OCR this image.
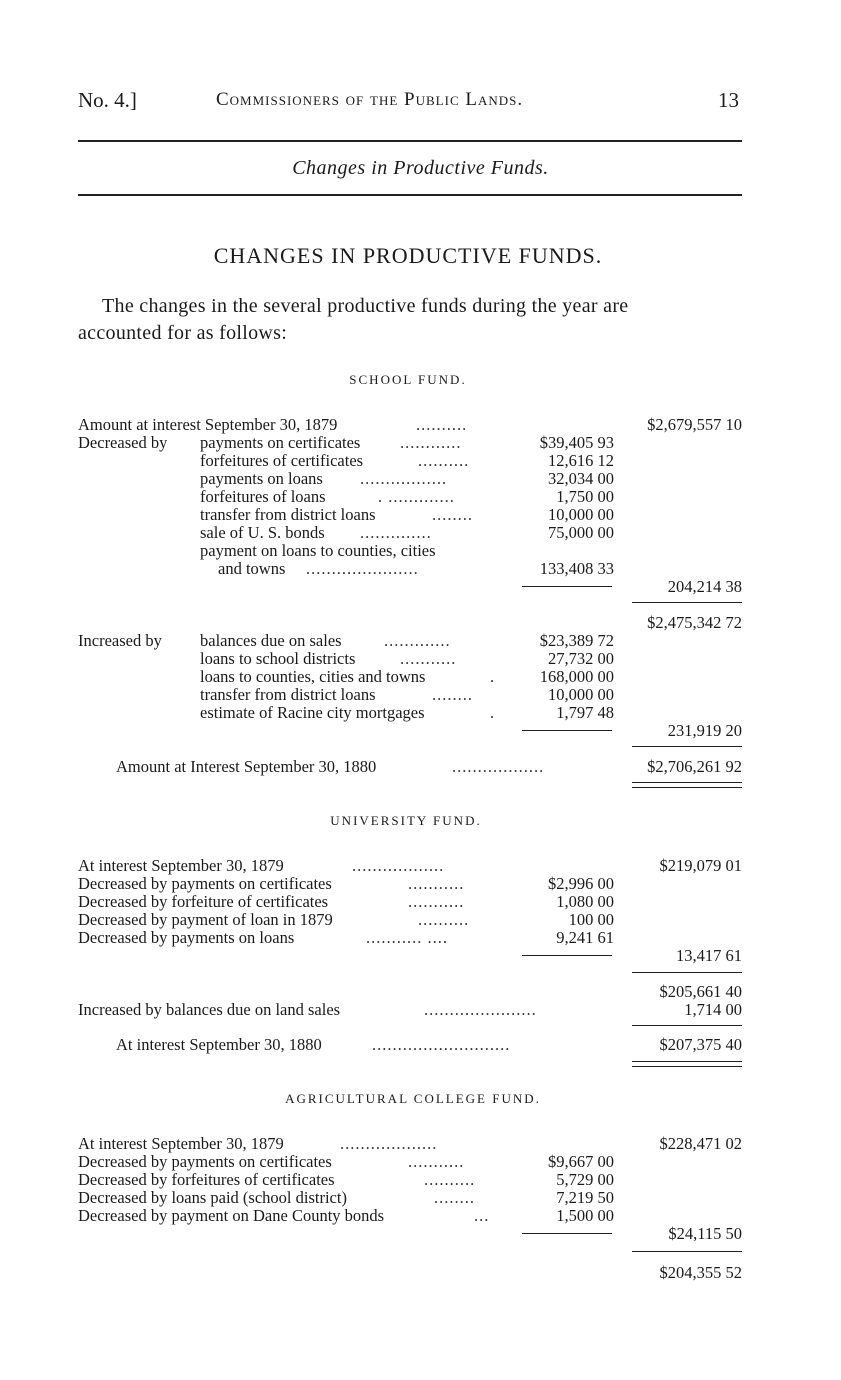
No. 4.]	Commissioners of the Public Lands.	13
Changes in Productive Funds.
CHANGES IN PRODUCTIVE FUNDS.
The changes in the several productive funds during the year are
accounted for as follows:
SCHOOL FUND.
Amount at interest September 30, 1879	..........	$2,679,557 10
Decreased by payments on certificates ............	$39,405 93
forfeitures of certificates	..........	12,616 12
payments on loans .................	32,034 00
forfeitures of loans	. .............	1,750 00
transfer from district loans	........	10,000 00
sale of U. S. bonds ..............	75,000 00
payment on loans to counties, cities
and towns ......................	133,408 33
204,214 38
$2,475,342 72
Increased by balances due on sales	.............	$23,389 72
loans to school districts	...........	27,732 00
loans to counties, cities and towns	.	168,000 00
transfer from district loans	........	10,000 00
estimate of Racine city mortgages	.	1,797 48
231,919 20
Amount at Interest September 30, 1880	..................	$2,706,261 92
UNIVERSITY FUND.
At interest September 30, 1879	..................	$219,079 01
Decreased by payments on certificates	...........	$2,996 00
Decreased by forfeiture of certificates	...........	1,080 00
Decreased by payment of loan in 1879	..........	100 00
Decreased by payments on loans	........... ....	9,241 61
13,417 61
$205,661 40
Increased by balances due on land sales	......................	1,714 00
At interest September 30, 1880	...........................	$207,375 40
AGRICULTURAL COLLEGE FUND.
At interest September 30, 1879	...................	$228,471 02
Decreased by payments on certificates	...........	$9,667 00
Decreased by forfeitures of certificates	..........	5,729 00
Decreased by loans paid (school district)	........	7,219 50
Decreased by payment on Dane County bonds	...	1,500 00
$24,115 50
$204,355 52
